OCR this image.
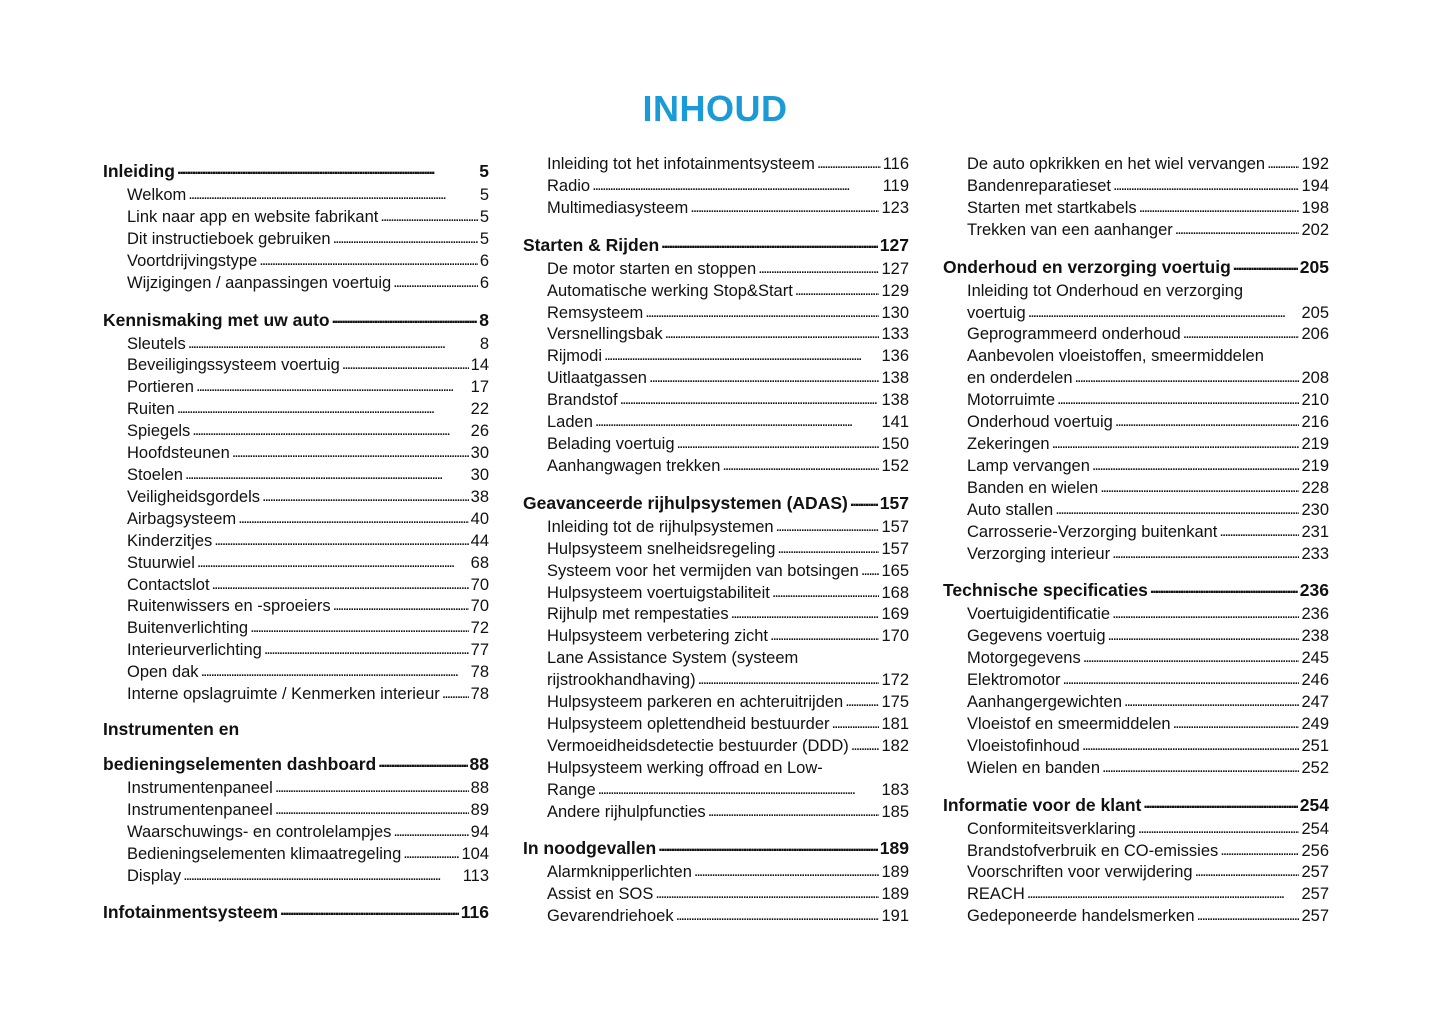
INHOUD
Inleiding . . .	5
Welkom . . .	5
Link naar app en website fabrikant . . .	5
Dit instructieboek gebruiken . . .	5
Voortdrijvingstype . . .	6
Wijzigingen / aanpassingen voertuig . . .	6
Kennismaking met uw auto . . .	8
Sleutels . . .	8
Beveiligingssysteem voertuig . . .	14
Portieren . . .	17
Ruiten . . .	22
Spiegels . . .	26
Hoofdsteunen . . .	30
Stoelen . . .	30
Veiligheidsgordels . . .	38
Airbagsysteem . . .	40
Kinderzitjes . . .	44
Stuurwiel . . .	68
Contactslot . . .	70
Ruitenwissers en -sproeiers . . .	70
Buitenverlichting . . .	72
Interieurverlichting . . .	77
Open dak . . .	78
Interne opslagruimte / Kenmerken interieur . . . 78
Instrumenten en
bedieningselementen dashboard . . .	88
Instrumentenpaneel . . .	88
Instrumentenpaneel . . .	89
Waarschuwings- en controlelampjes . . .	94
Bedieningselementen klimaatregeling . . .	104
Display . . .	113
Infotainmentsysteem . . .	116
Inleiding tot het infotainmentsysteem . . .	116
Radio . . .	119
Multimediasysteem . . .	123
Starten & Rijden . . .	127
De motor starten en stoppen . . .	127
Automatische werking Stop&Start . . .	129
Remsysteem . . .	130
Versnellingsbak . . .	133
Rijmodi . . .	136
Uitlaatgassen . . .	138
Brandstof . . .	138
Laden . . .	141
Belading voertuig . . .	150
Aanhangwagen trekken . . .	152
Geavanceerde rijhulpsystemen (ADAS) . . . 157
Inleiding tot de rijhulpsystemen . . .	157
Hulpsysteem snelheidsregeling . . .	157
Systeem voor het vermijden van botsingen . . . 165
Hulpsysteem voertuigstabiliteit . . .	168
Rijhulp met rempestaties . . .	169
Hulpsysteem verbetering zicht . . .	170
Lane Assistance System (systeem
rijstrookhandhaving) . . .	172
Hulpsysteem parkeren en achteruitrijden . . . 175
Hulpsysteem oplettendheid bestuurder . . .	181
Vermoeidheidsdetectie bestuurder (DDD) . . . 182
Hulpsysteem werking offroad en Low-
Range . . .	183
Andere rijhulpfuncties . . .	185
In noodgevallen . . .	189
Alarmknipperlichten . . .	189
Assist en SOS . . .	189
Gevarendriehoek . . .	191
De auto opkrikken en het wiel vervangen . . . 192
Bandenreparatieset . . .	194
Starten met startkabels . . .	198
Trekken van een aanhanger . . .	202
Onderhoud en verzorging voertuig . . .	205
Inleiding tot Onderhoud en verzorging
voertuig . . .	205
Geprogrammeerd onderhoud . . .	206
Aanbevolen vloeistoffen, smeermiddelen
en onderdelen . . .	208
Motorruimte . . .	210
Onderhoud voertuig . . .	216
Zekeringen . . .	219
Lamp vervangen . . .	219
Banden en wielen . . .	228
Auto stallen . . .	230
Carrosserie-Verzorging buitenkant . . .	231
Verzorging interieur . . .	233
Technische specificaties . . .	236
Voertuigidentificatie . . .	236
Gegevens voertuig . . .	238
Motorgegevens . . .	245
Elektromotor . . .	246
Aanhangergewichten . . .	247
Vloeistof en smeermiddelen . . .	249
Vloeistofinhoud . . .	251
Wielen en banden . . .	252
Informatie voor de klant . . .	254
Conformiteitsverklaring . . .	254
Brandstofverbruik en CO-emissies . . .	256
Voorschriften voor verwijdering . . .	257
REACH . . .	257
Gedeponeerde handelsmerken . . .	257
